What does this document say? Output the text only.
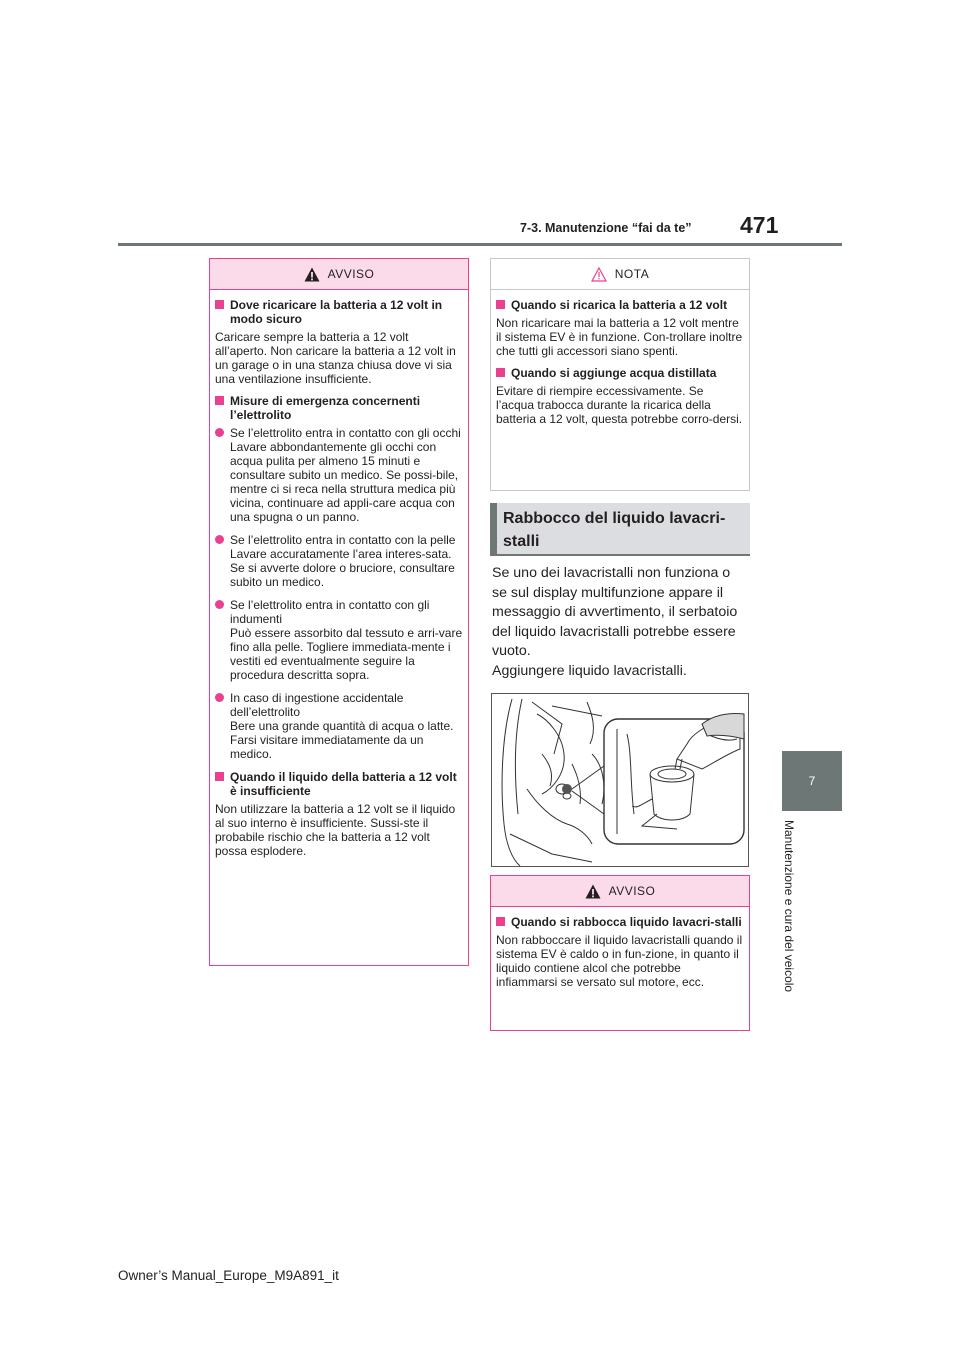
7-3. Manutenzione “fai da te” 471
7
Manutenzione e cura del veicolo
AVVISO
Dove ricaricare la batteria a 12 volt in modo sicuro
Caricare sempre la batteria a 12 volt all’aperto. Non caricare la batteria a 12 volt in un garage o in una stanza chiusa dove vi sia una ventilazione insufficiente.
Misure di emergenza concernenti l’elettrolito
Se l’elettrolito entra in contatto con gli occhi
Lavare abbondantemente gli occhi con acqua pulita per almeno 15 minuti e consultare subito un medico. Se possi-bile, mentre ci si reca nella struttura medica più vicina, continuare ad appli-care acqua con una spugna o un panno.
Se l’elettrolito entra in contatto con la pelle
Lavare accuratamente l’area interes-sata. Se si avverte dolore o bruciore, consultare subito un medico.
Se l’elettrolito entra in contatto con gli indumenti
Può essere assorbito dal tessuto e arri-vare fino alla pelle. Togliere immediata-mente i vestiti ed eventualmente seguire la procedura descritta sopra.
In caso di ingestione accidentale dell’elettrolito
Bere una grande quantità di acqua o latte. Farsi visitare immediatamente da un medico.
Quando il liquido della batteria a 12 volt è insufficiente
Non utilizzare la batteria a 12 volt se il liquido al suo interno è insufficiente. Sussi-ste il probabile rischio che la batteria a 12 volt possa esplodere.
NOTA
Quando si ricarica la batteria a 12 volt
Non ricaricare mai la batteria a 12 volt mentre il sistema EV è in funzione. Con-trollare inoltre che tutti gli accessori siano spenti.
Quando si aggiunge acqua distillata
Evitare di riempire eccessivamente. Se l’acqua trabocca durante la ricarica della batteria a 12 volt, questa potrebbe corro-dersi.
Rabbocco del liquido lavacri-
stalli
Se uno dei lavacristalli non funziona o
se sul display multifunzione appare il
messaggio di avvertimento, il serbatoio
del liquido lavacristalli potrebbe essere
vuoto.
Aggiungere liquido lavacristalli.
AVVISO
Quando si rabbocca liquido lavacri-stalli
Non rabboccare il liquido lavacristalli quando il sistema EV è caldo o in fun-zione, in quanto il liquido contiene alcol che potrebbe infiammarsi se versato sul motore, ecc.
Owner’s Manual_Europe_M9A891_it
